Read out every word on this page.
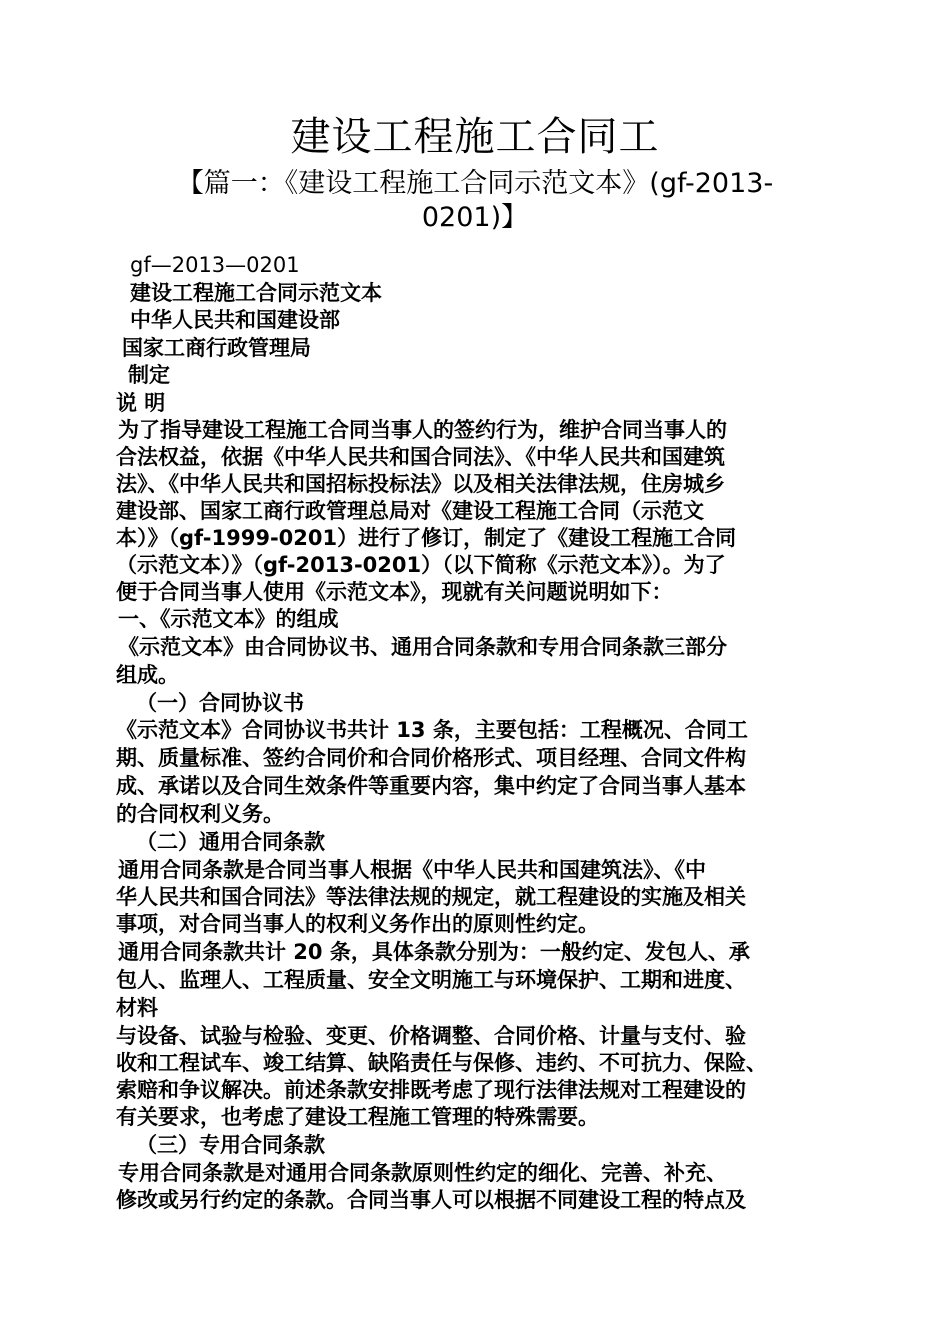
建设工程施工合同工
【篇一：《建设工程施工合同示范文本》(gf-2013-
0201)】
gf—2013—0201
建设工程施工合同示范文本
中华人民共和国建设部
国家工商行政管理局
制定
说 明
为了指导建设工程施工合同当事人的签约行为，维护合同当事人的
合法权益，依据《中华人民共和国合同法》、《中华人民共和国建筑
法》、《中华人民共和国招标投标法》以及相关法律法规，住房城乡
建设部、国家工商行政管理总局对《建设工程施工合同（示范文
本）》（gf-1999-0201）进行了修订，制定了《建设工程施工合同
（示范文本）》（gf-2013-0201）（以下简称《示范文本》）。为了
便于合同当事人使用《示范文本》，现就有关问题说明如下：
一、《示范文本》的组成
《示范文本》由合同协议书、通用合同条款和专用合同条款三部分
组成。
（一）合同协议书
《示范文本》合同协议书共计 13 条，主要包括：工程概况、合同工
期、质量标准、签约合同价和合同价格形式、项目经理、合同文件构
成、承诺以及合同生效条件等重要内容，集中约定了合同当事人基本
的合同权利义务。
（二）通用合同条款
通用合同条款是合同当事人根据《中华人民共和国建筑法》、《中
华人民共和国合同法》等法律法规的规定，就工程建设的实施及相关
事项，对合同当事人的权利义务作出的原则性约定。
通用合同条款共计 20 条，具体条款分别为：一般约定、发包人、承
包人、监理人、工程质量、安全文明施工与环境保护、工期和进度、
材料
与设备、试验与检验、变更、价格调整、合同价格、计量与支付、验
收和工程试车、竣工结算、缺陷责任与保修、违约、不可抗力、保险、
索赔和争议解决。前述条款安排既考虑了现行法律法规对工程建设的
有关要求，也考虑了建设工程施工管理的特殊需要。
（三）专用合同条款
专用合同条款是对通用合同条款原则性约定的细化、完善、补充、
修改或另行约定的条款。合同当事人可以根据不同建设工程的特点及
